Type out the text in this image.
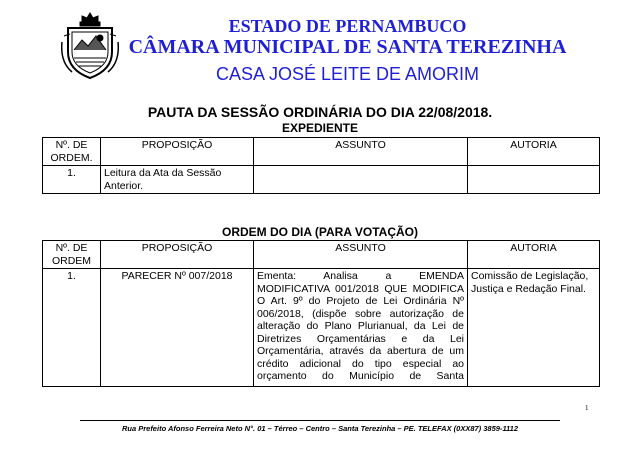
ESTADO DE PERNAMBUCO
CÂMARA MUNICIPAL DE SANTA TEREZINHA
CASA JOSÉ LEITE DE AMORIM
PAUTA DA SESSÃO ORDINÁRIA DO DIA 22/08/2018.
EXPEDIENTE
Nº. DE ORDEM.	PROPOSIÇÃO	ASSUNTO	AUTORIA
1.	Leitura da Ata da Sessão Anterior.		
ORDEM DO DIA (PARA VOTAÇÃO)
Nº. DE ORDEM	PROPOSIÇÃO	ASSUNTO	AUTORIA
1.	PARECER Nº 007/2018	Ementa: Analisa a EMENDA MODIFICATIVA 001/2018 QUE MODIFICA O Art. 9º do Projeto de Lei Ordinária Nº 006/2018, (dispõe sobre autorização de alteração do Plano Plurianual, da Lei de Diretrizes Orçamentárias e da Lei Orçamentária, através da abertura de um crédito adicional do tipo especial ao orçamento do Município de Santa	Comissão de Legislação, Justiça e Redação Final.
1
Rua Prefeito Afonso Ferreira Neto N°. 01 – Térreo – Centro – Santa Terezinha – PE. TELEFAX (0XX87) 3859-1112
